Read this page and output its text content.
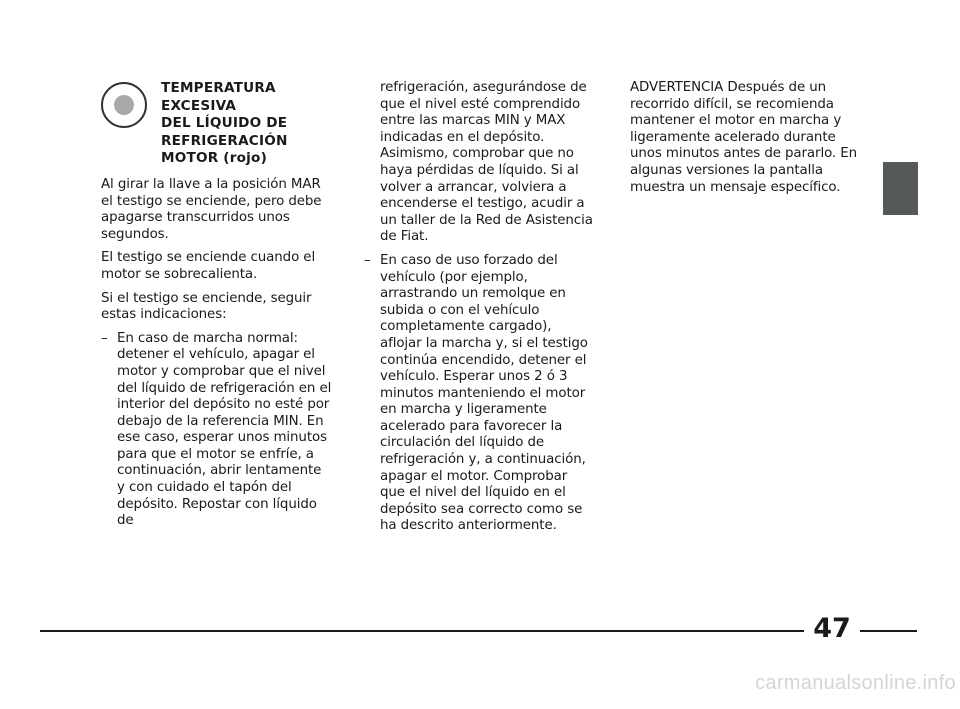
TEMPERATURA
EXCESIVA
DEL LÍQUIDO DE
REFRIGERACIÓN
MOTOR (rojo)

Al girar la llave a la posición MAR el testigo se enciende, pero debe apagarse transcurridos unos segundos.

El testigo se enciende cuando el motor se sobrecalienta.

Si el testigo se enciende, seguir estas indicaciones:

– En caso de marcha normal: detener el vehículo, apagar el motor y comprobar que el nivel del líquido de refrigeración en el interior del depósito no esté por debajo de la referencia MIN. En ese caso, esperar unos minutos para que el motor se enfríe, a continuación, abrir lentamente y con cuidado el tapón del depósito. Repostar con líquido de

refrigeración, asegurándose de que el nivel esté comprendido entre las marcas MIN y MAX indicadas en el depósito. Asimismo, comprobar que no haya pérdidas de líquido. Si al volver a arrancar, volviera a encenderse el testigo, acudir a un taller de la Red de Asistencia de Fiat.

– En caso de uso forzado del vehículo (por ejemplo, arrastrando un remolque en subida o con el vehículo completamente cargado), aflojar la marcha y, si el testigo continúa encendido, detener el vehículo. Esperar unos 2 ó 3 minutos manteniendo el motor en marcha y ligeramente acelerado para favorecer la circulación del líquido de refrigeración y, a continuación, apagar el motor. Comprobar que el nivel del líquido en el depósito sea correcto como se ha descrito anteriormente.

ADVERTENCIA Después de un recorrido difícil, se recomienda mantener el motor en marcha y ligeramente acelerado durante unos minutos antes de pararlo. En algunas versiones la pantalla muestra un mensaje específico.

47
carmanualsonline.info
